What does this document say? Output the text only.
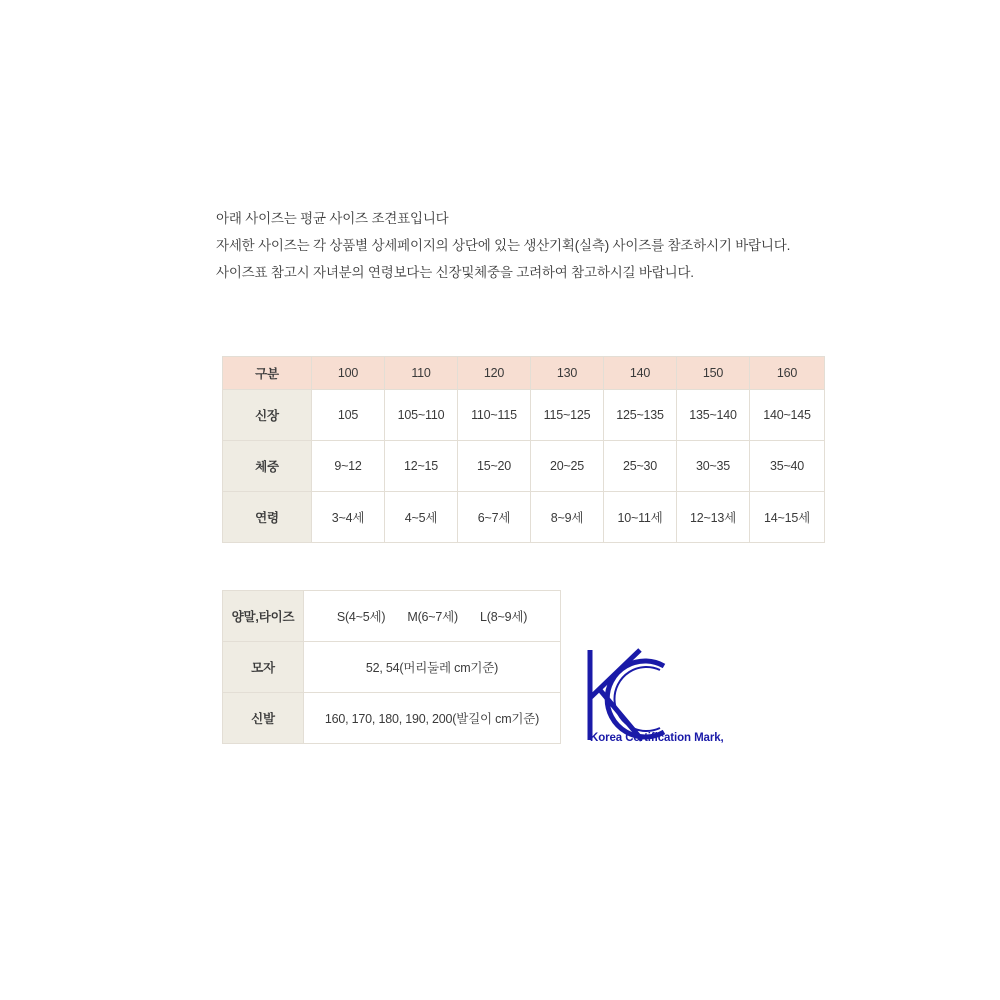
아래 사이즈는 평균 사이즈 조견표입니다
자세한 사이즈는 각 상품별 상세페이지의 상단에 있는 생산기획(실측) 사이즈를 참조하시기 바랍니다.
사이즈표 참고시 자녀분의 연령보다는 신장및체중을 고려하여 참고하시길 바랍니다.
구분	100	110	120	130	140	150	160
신장	105	105~110	110~115	115~125	125~135	135~140	140~145
체중	9~12	12~15	15~20	20~25	25~30	30~35	35~40
연령	3~4세	4~5세	6~7세	8~9세	10~11세	12~13세	14~15세
양말,타이즈	S(4~5세) M(6~7세) L(8~9세)
모자	52, 54(머리둘레 cm기준)
신발	160, 170, 180, 190, 200(발길이 cm기준)
Korea Certification Mark,
